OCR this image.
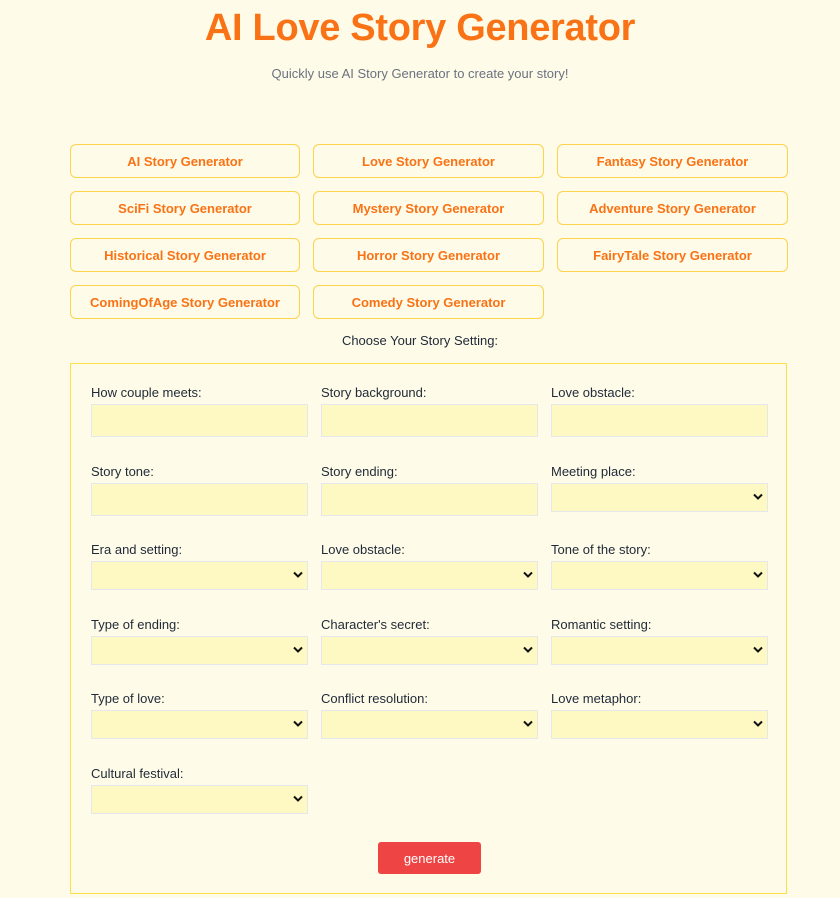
AI Love Story Generator

Quickly use AI Story Generator to create your story!

AI Story Generator	Love Story Generator	Fantasy Story Generator
SciFi Story Generator	Mystery Story Generator	Adventure Story Generator
Historical Story Generator	Horror Story Generator	FairyTale Story Generator
ComingOfAge Story Generator	Comedy Story Generator

Choose Your Story Setting:

How couple meets:	Story background:	Love obstacle:
Story tone:	Story ending:	Meeting place:
Era and setting:	Love obstacle:	Tone of the story:
Type of ending:	Character's secret:	Romantic setting:
Type of love:	Conflict resolution:	Love metaphor:
Cultural festival:
generate
